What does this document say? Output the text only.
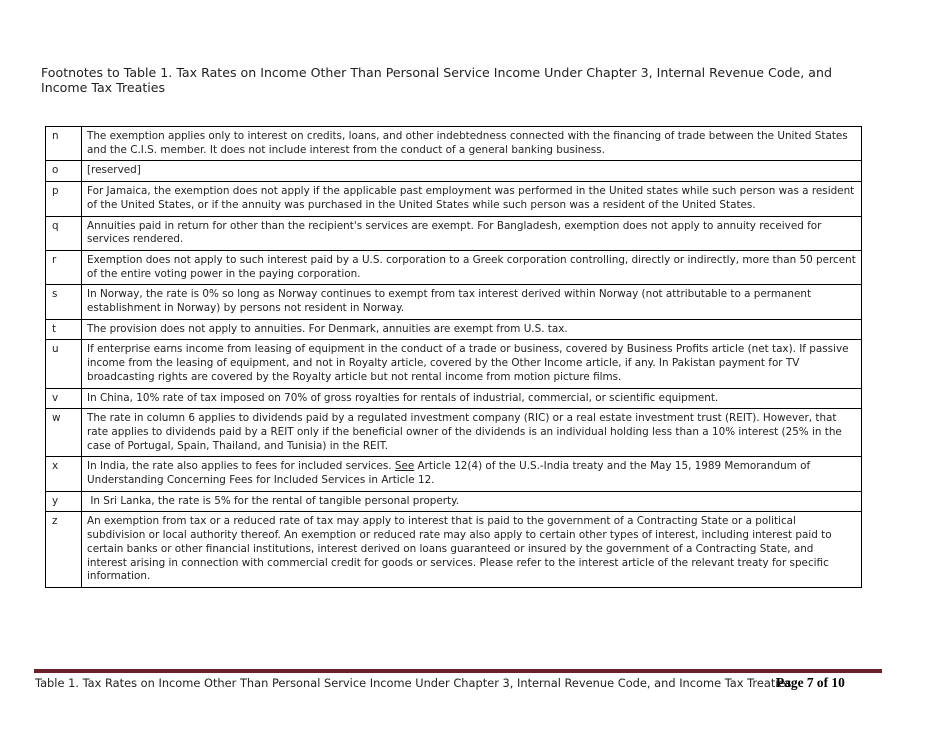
Footnotes to Table 1. Tax Rates on Income Other Than Personal Service Income Under Chapter 3, Internal Revenue Code, and Income Tax Treaties
n	The exemption applies only to interest on credits, loans, and other indebtedness connected with the financing of trade between the United States and the C.I.S. member. It does not include interest from the conduct of a general banking business.
o	[reserved]
p	For Jamaica, the exemption does not apply if the applicable past employment was performed in the United states while such person was a resident of the United States, or if the annuity was purchased in the United States while such person was a resident of the United States.
q	Annuities paid in return for other than the recipient's services are exempt. For Bangladesh, exemption does not apply to annuity received for services rendered.
r	Exemption does not apply to such interest paid by a U.S. corporation to a Greek corporation controlling, directly or indirectly, more than 50 percent of the entire voting power in the paying corporation.
s	In Norway, the rate is 0% so long as Norway continues to exempt from tax interest derived within Norway (not attributable to a permanent establishment in Norway) by persons not resident in Norway.
t	The provision does not apply to annuities. For Denmark, annuities are exempt from U.S. tax.
u	If enterprise earns income from leasing of equipment in the conduct of a trade or business, covered by Business Profits article (net tax). If passive income from the leasing of equipment, and not in Royalty article, covered by the Other Income article, if any. In Pakistan payment for TV broadcasting rights are covered by the Royalty article but not rental income from motion picture films.
v	In China, 10% rate of tax imposed on 70% of gross royalties for rentals of industrial, commercial, or scientific equipment.
w	The rate in column 6 applies to dividends paid by a regulated investment company (RIC) or a real estate investment trust (REIT). However, that rate applies to dividends paid by a REIT only if the beneficial owner of the dividends is an individual holding less than a 10% interest (25% in the case of Portugal, Spain, Thailand, and Tunisia) in the REIT.
x	In India, the rate also applies to fees for included services. See Article 12(4) of the U.S.-India treaty and the May 15, 1989 Memorandum of Understanding Concerning Fees for Included Services in Article 12.
y	In Sri Lanka, the rate is 5% for the rental of tangible personal property.
z	An exemption from tax or a reduced rate of tax may apply to interest that is paid to the government of a Contracting State or a political subdivision or local authority thereof. An exemption or reduced rate may also apply to certain other types of interest, including interest paid to certain banks or other financial institutions, interest derived on loans guaranteed or insured by the government of a Contracting State, and interest arising in connection with commercial credit for goods or services. Please refer to the interest article of the relevant treaty for specific information.
Table 1. Tax Rates on Income Other Than Personal Service Income Under Chapter 3, Internal Revenue Code, and Income Tax Treaties
Page 7 of 10
